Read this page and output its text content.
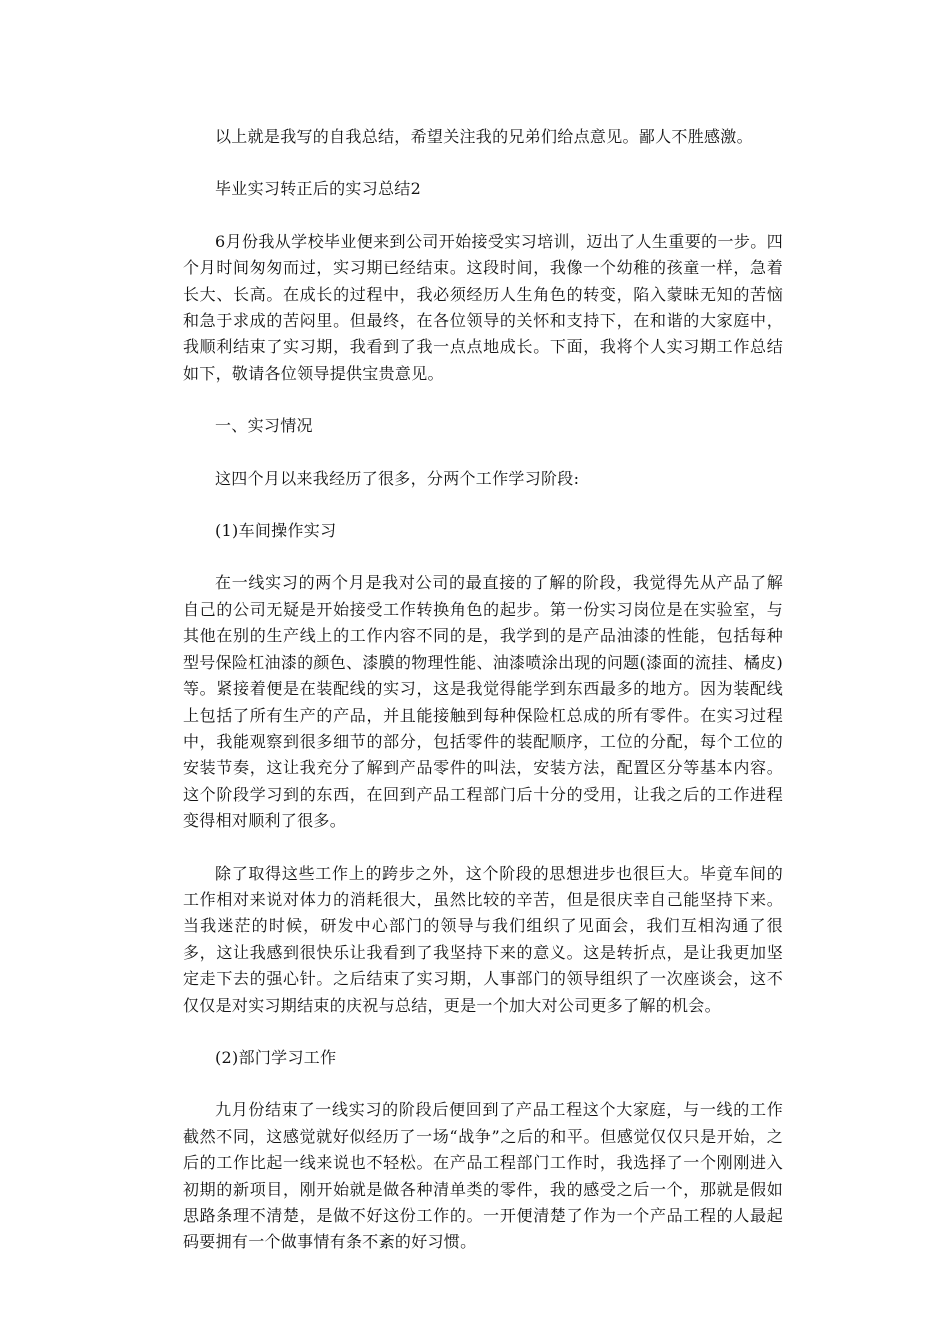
以上就是我写的自我总结，希望关注我的兄弟们给点意见。鄙人不胜感激。

毕业实习转正后的实习总结2

6月份我从学校毕业便来到公司开始接受实习培训，迈出了人生重要的一步。四个月时间匆匆而过，实习期已经结束。这段时间，我像一个幼稚的孩童一样，急着长大、长高。在成长的过程中，我必须经历人生角色的转变，陷入蒙昧无知的苦恼和急于求成的苦闷里。但最终，在各位领导的关怀和支持下，在和谐的大家庭中，我顺利结束了实习期，我看到了我一点点地成长。下面，我将个人实习期工作总结如下，敬请各位领导提供宝贵意见。

一、实习情况

这四个月以来我经历了很多，分两个工作学习阶段:

(1)车间操作实习

在一线实习的两个月是我对公司的最直接的了解的阶段，我觉得先从产品了解自己的公司无疑是开始接受工作转换角色的起步。第一份实习岗位是在实验室，与其他在别的生产线上的工作内容不同的是，我学到的是产品油漆的性能，包括每种型号保险杠油漆的颜色、漆膜的物理性能、油漆喷涂出现的问题(漆面的流挂、橘皮)等。紧接着便是在装配线的实习，这是我觉得能学到东西最多的地方。因为装配线上包括了所有生产的产品，并且能接触到每种保险杠总成的所有零件。在实习过程中，我能观察到很多细节的部分，包括零件的装配顺序，工位的分配，每个工位的安装节奏，这让我充分了解到产品零件的叫法，安装方法，配置区分等基本内容。这个阶段学习到的东西，在回到产品工程部门后十分的受用，让我之后的工作进程变得相对顺利了很多。

除了取得这些工作上的跨步之外，这个阶段的思想进步也很巨大。毕竟车间的工作相对来说对体力的消耗很大，虽然比较的辛苦，但是很庆幸自己能坚持下来。当我迷茫的时候，研发中心部门的领导与我们组织了见面会，我们互相沟通了很多，这让我感到很快乐让我看到了我坚持下来的意义。这是转折点，是让我更加坚定走下去的强心针。之后结束了实习期，人事部门的领导组织了一次座谈会，这不仅仅是对实习期结束的庆祝与总结，更是一个加大对公司更多了解的机会。

(2)部门学习工作

九月份结束了一线实习的阶段后便回到了产品工程这个大家庭，与一线的工作截然不同，这感觉就好似经历了一场“战争”之后的和平。但感觉仅仅只是开始，之后的工作比起一线来说也不轻松。在产品工程部门工作时，我选择了一个刚刚进入初期的新项目，刚开始就是做各种清单类的零件，我的感受之后一个，那就是假如思路条理不清楚，是做不好这份工作的。一开便清楚了作为一个产品工程的人最起码要拥有一个做事情有条不紊的好习惯。
